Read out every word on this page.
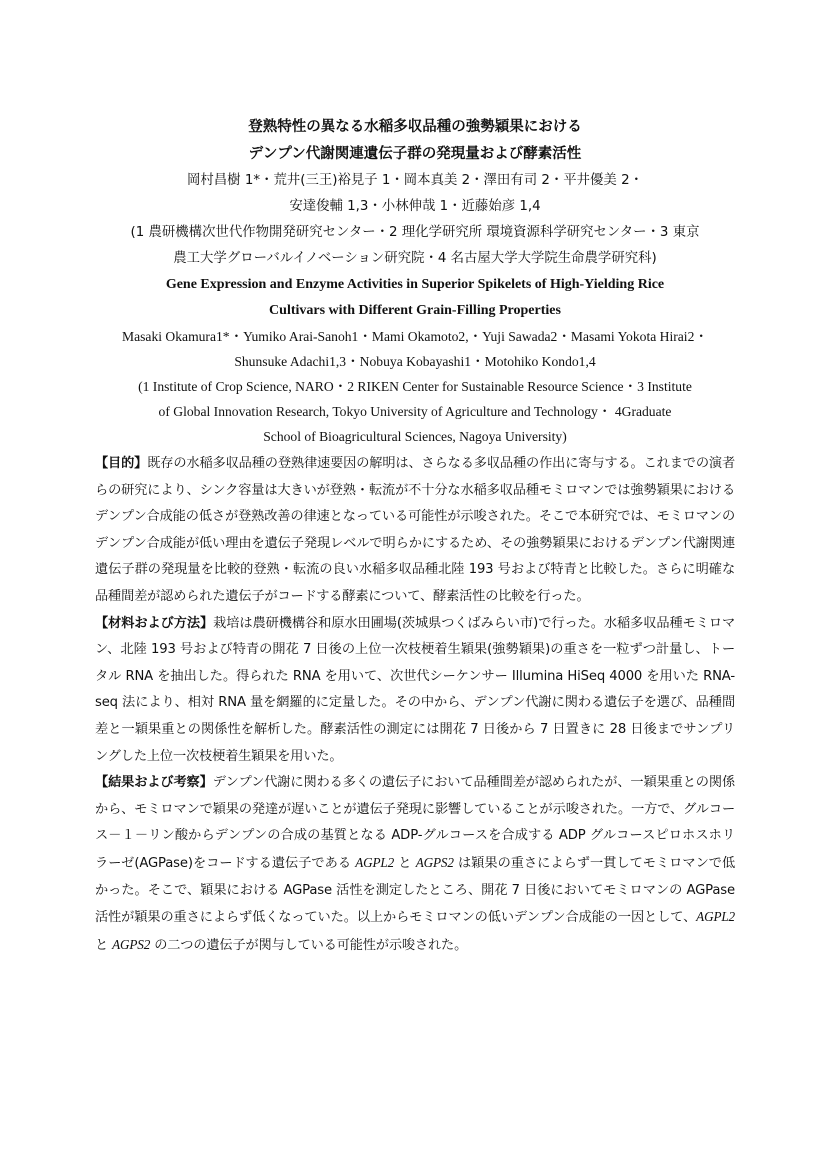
登熟特性の異なる水稲多収品種の強勢穎果における
デンプン代謝関連遺伝子群の発現量および酵素活性
岡村昌樹 1*・荒井(三王)裕見子 1・岡本真美 2・澤田有司 2・平井優美 2・
安達俊輔 1,3・小林伸哉 1・近藤始彦 1,4
(1 農研機構次世代作物開発研究センター・2 理化学研究所 環境資源科学研究センター・3 東京
農工大学グローバルイノベーション研究院・4 名古屋大学大学院生命農学研究科)
Gene Expression and Enzyme Activities in Superior Spikelets of High-Yielding Rice
Cultivars with Different Grain-Filling Properties
Masaki Okamura1*・Yumiko Arai-Sanoh1・Mami Okamoto2,・Yuji Sawada2・Masami Yokota Hirai2・
Shunsuke Adachi1,3・Nobuya Kobayashi1・Motohiko Kondo1,4
(1 Institute of Crop Science, NARO・2 RIKEN Center for Sustainable Resource Science・3 Institute
of Global Innovation Research, Tokyo University of Agriculture and Technology・ 4Graduate
School of Bioagricultural Sciences, Nagoya University)

【目的】既存の水稲多収品種の登熟律速要因の解明は、さらなる多収品種の作出に寄与する。これまでの演者らの研究により、シンク容量は大きいが登熟・転流が不十分な水稲多収品種モミロマンでは強勢穎果におけるデンプン合成能の低さが登熟改善の律速となっている可能性が示唆された。そこで本研究では、モミロマンのデンプン合成能が低い理由を遺伝子発現レベルで明らかにするため、その強勢穎果におけるデンプン代謝関連遺伝子群の発現量を比較的登熟・転流の良い水稲多収品種北陸 193 号および特青と比較した。さらに明確な品種間差が認められた遺伝子がコードする酵素について、酵素活性の比較を行った。

【材料および方法】栽培は農研機構谷和原水田圃場(茨城県つくばみらい市)で行った。水稲多収品種モミロマン、北陸 193 号および特青の開花 7 日後の上位一次枝梗着生穎果(強勢穎果)の重さを一粒ずつ計量し、トータル RNA を抽出した。得られた RNA を用いて、次世代シーケンサー Illumina HiSeq 4000 を用いた RNA-seq 法により、相対 RNA 量を網羅的に定量した。その中から、デンプン代謝に関わる遺伝子を選び、品種間差と一穎果重との関係性を解析した。酵素活性の測定には開花 7 日後から 7 日置きに 28 日後までサンプリングした上位一次枝梗着生穎果を用いた。

【結果および考察】デンプン代謝に関わる多くの遺伝子において品種間差が認められたが、一穎果重との関係から、モミロマンで穎果の発達が遅いことが遺伝子発現に影響していることが示唆された。一方で、グルコース－１－リン酸からデンプンの合成の基質となる ADP-グルコースを合成する ADP グルコースピロホスホリラーゼ(AGPase)をコードする遺伝子である AGPL2 と AGPS2 は穎果の重さによらず一貫してモミロマンで低かった。そこで、穎果における AGPase 活性を測定したところ、開花 7 日後においてモミロマンの AGPase 活性が穎果の重さによらず低くなっていた。以上からモミロマンの低いデンプン合成能の一因として、AGPL2 と AGPS2 の二つの遺伝子が関与している可能性が示唆された。
